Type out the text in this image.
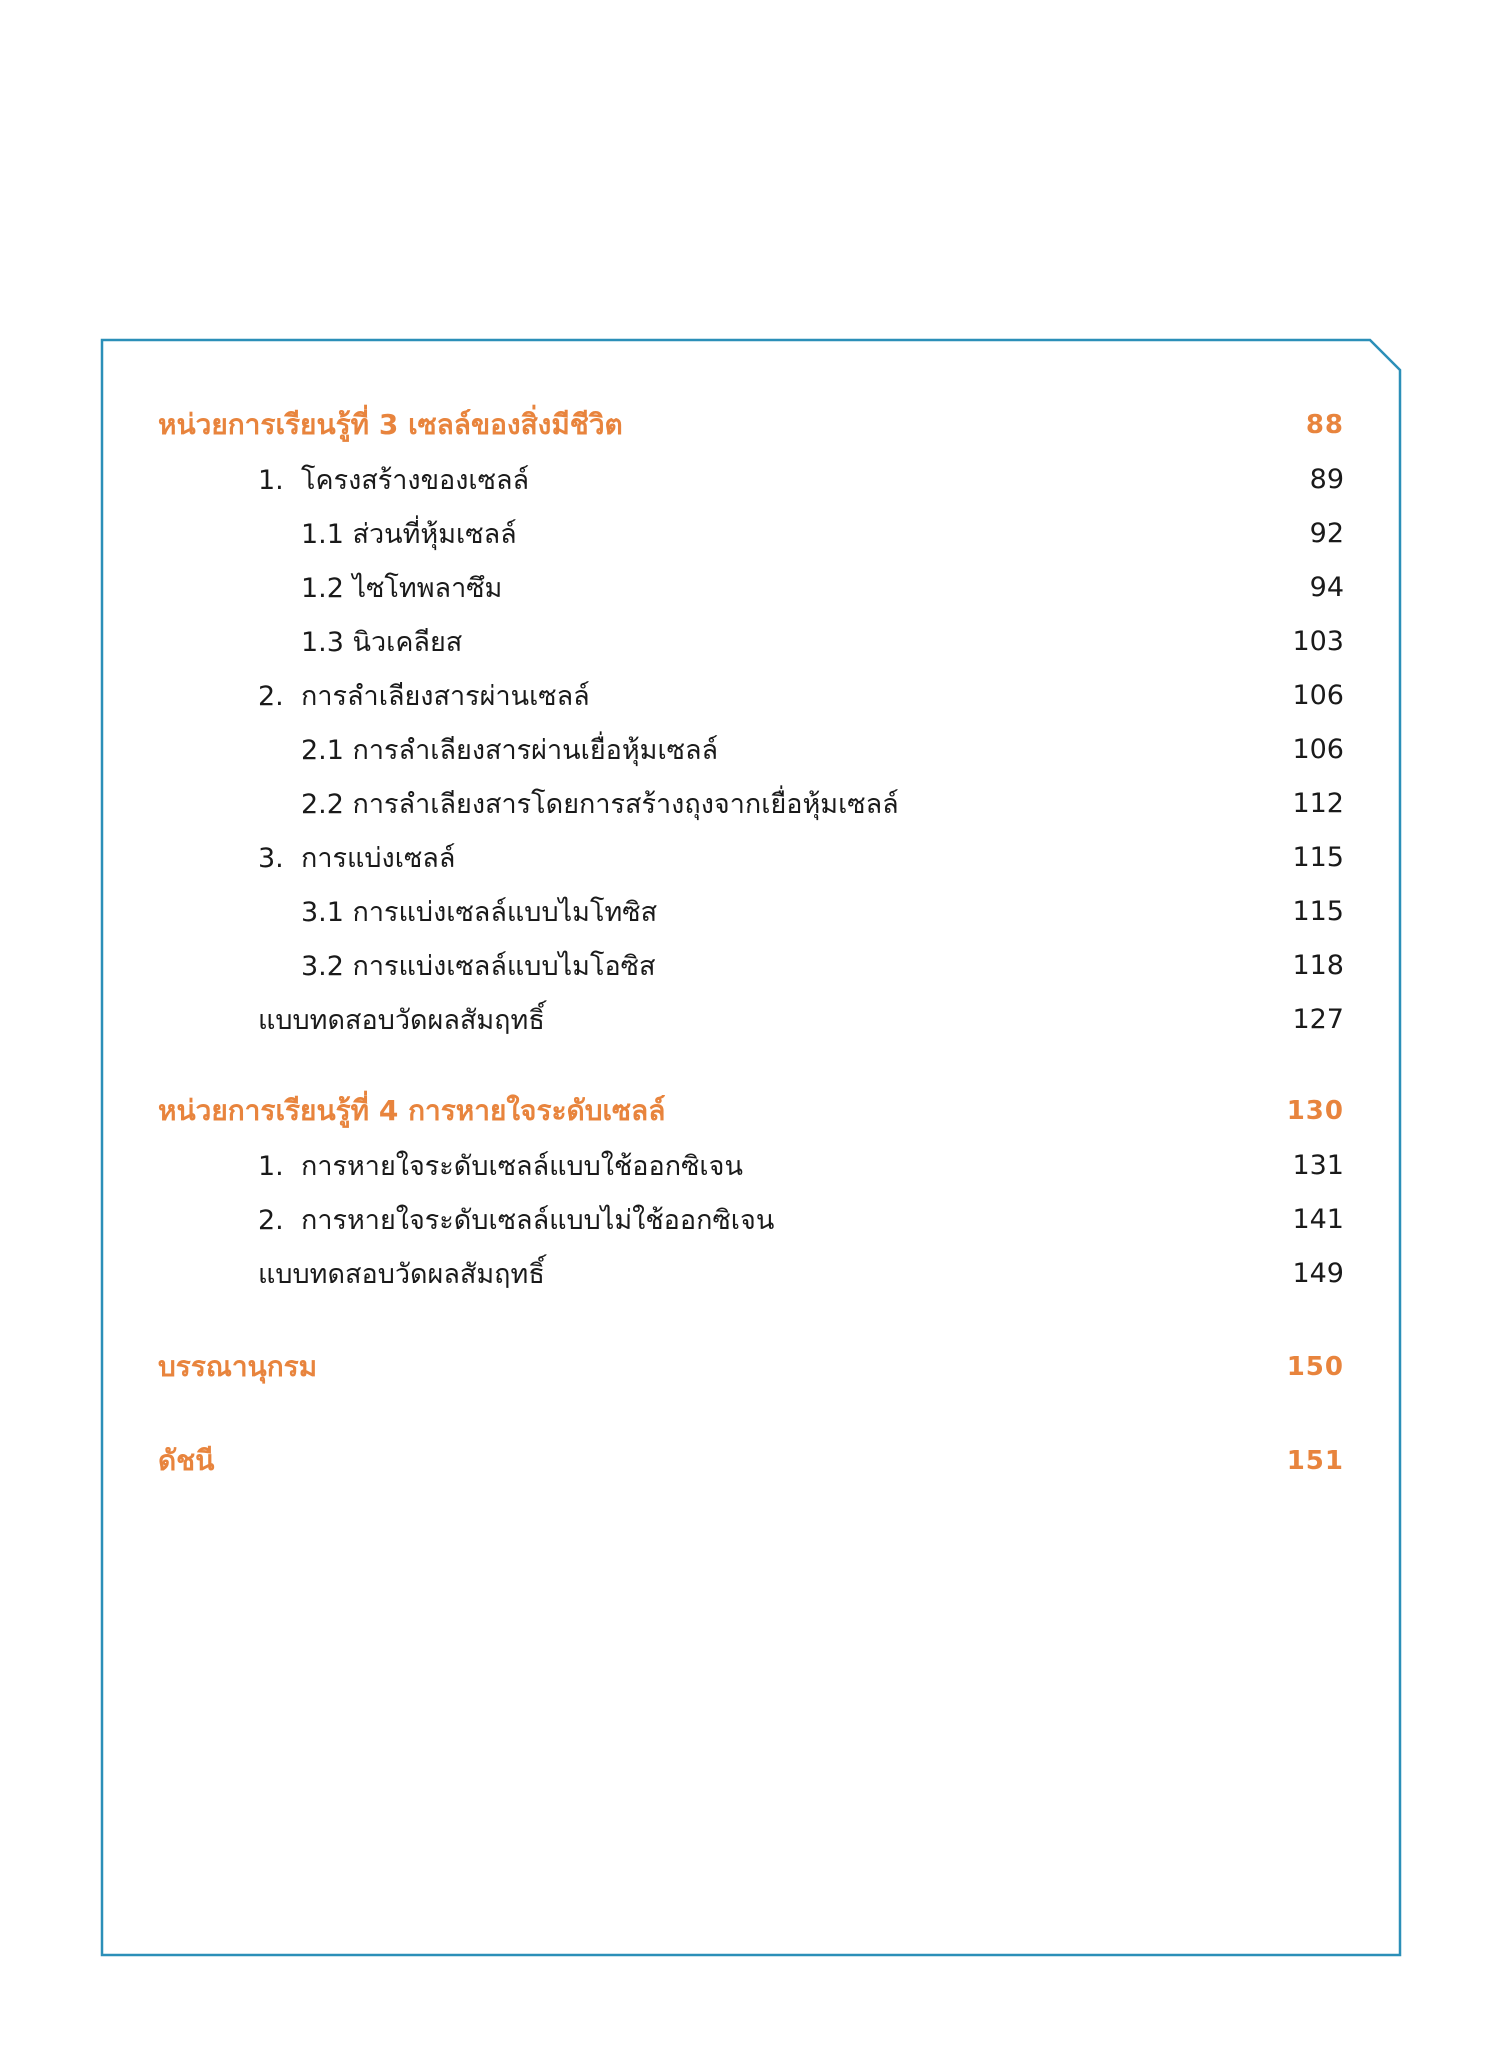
หน่วยการเรียนรู้ที่ 3 เซลล์ของสิ่งมีชีวิต	88
1. โครงสร้างของเซลล์	89
1.1 ส่วนที่หุ้มเซลล์	92
1.2 ไซโทพลาซึม	94
1.3 นิวเคลียส	103
2. การลำเลียงสารผ่านเซลล์	106
2.1 การลำเลียงสารผ่านเยื่อหุ้มเซลล์	106
2.2 การลำเลียงสารโดยการสร้างถุงจากเยื่อหุ้มเซลล์	112
3. การแบ่งเซลล์	115
3.1 การแบ่งเซลล์แบบไมโทซิส	115
3.2 การแบ่งเซลล์แบบไมโอซิส	118
แบบทดสอบวัดผลสัมฤทธิ์	127
หน่วยการเรียนรู้ที่ 4 การหายใจระดับเซลล์	130
1. การหายใจระดับเซลล์แบบใช้ออกซิเจน	131
2. การหายใจระดับเซลล์แบบไม่ใช้ออกซิเจน	141
แบบทดสอบวัดผลสัมฤทธิ์	149
บรรณานุกรม	150
ดัชนี	151
